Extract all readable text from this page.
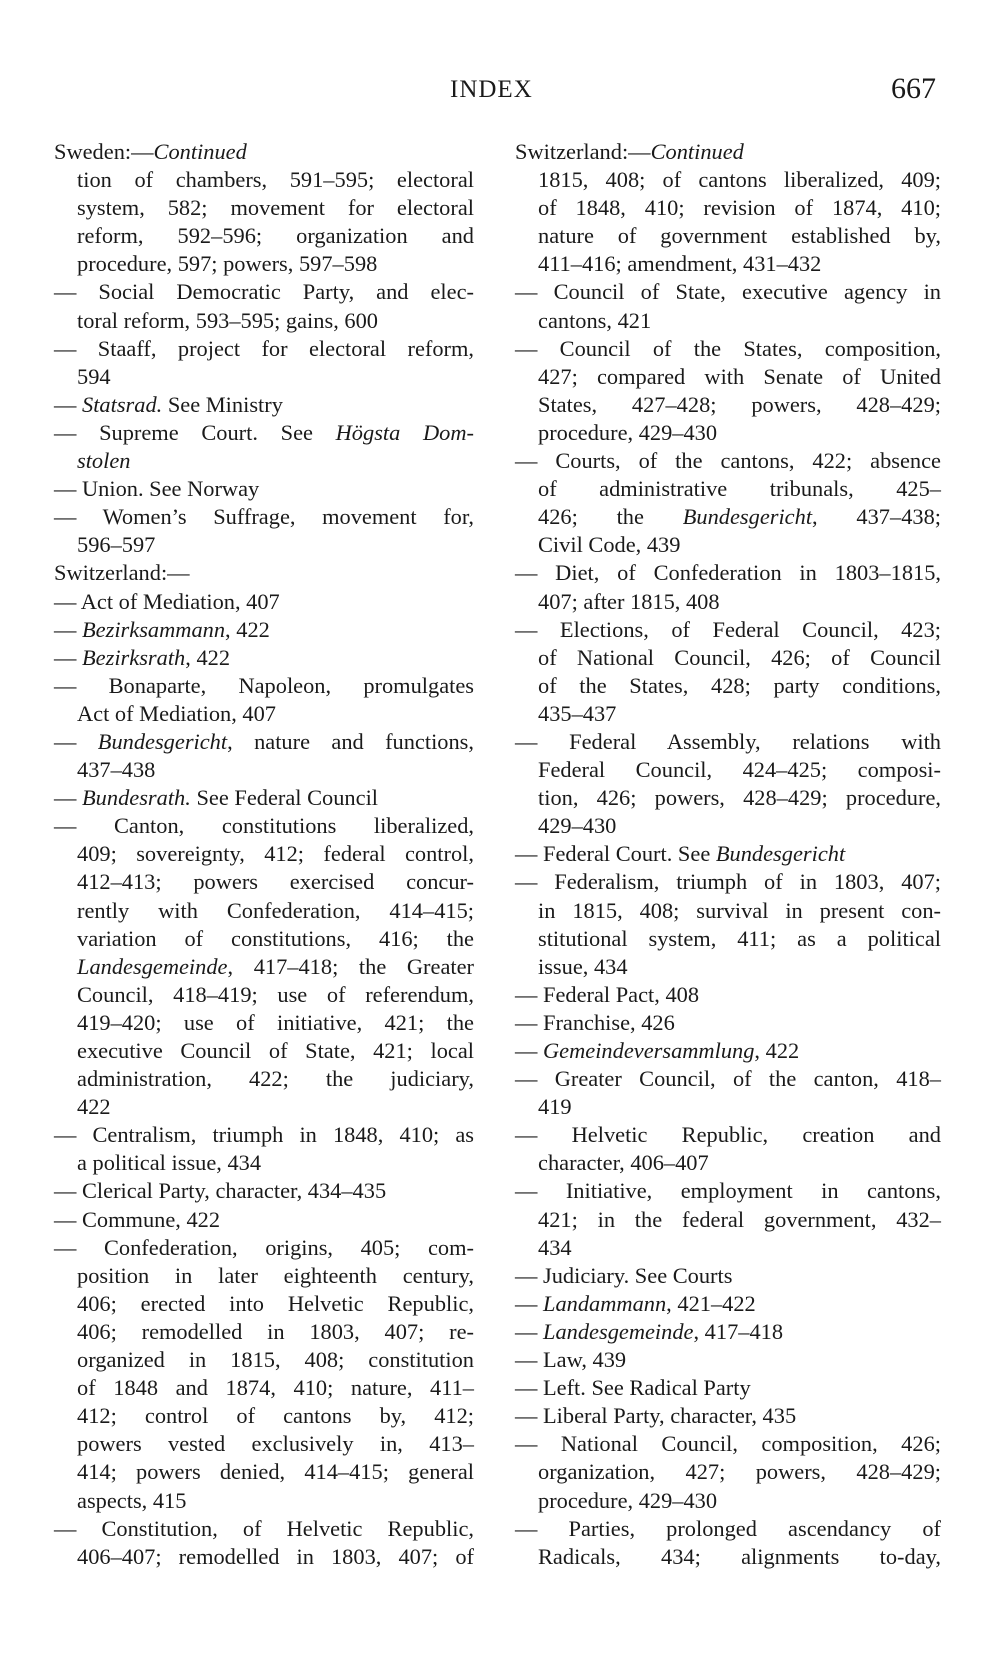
INDEX	667
Sweden:—Continued
tion of chambers, 591–595; electoral
system, 582; movement for electoral
reform, 592–596; organization and
procedure, 597; powers, 597–598
— Social Democratic Party, and elec-
toral reform, 593–595; gains, 600
— Staaff, project for electoral reform,
594
— Statsrad. See Ministry
— Supreme Court. See Högsta Dom-
stolen
— Union. See Norway
— Women’s Suffrage, movement for,
596–597
Switzerland:—
— Act of Mediation, 407
— Bezirksammann, 422
— Bezirksrath, 422
— Bonaparte, Napoleon, promulgates
Act of Mediation, 407
— Bundesgericht, nature and functions,
437–438
— Bundesrath. See Federal Council
— Canton, constitutions liberalized,
409; sovereignty, 412; federal control,
412–413; powers exercised concur-
rently with Confederation, 414–415;
variation of constitutions, 416; the
Landesgemeinde, 417–418; the Greater
Council, 418–419; use of referendum,
419–420; use of initiative, 421; the
executive Council of State, 421; local
administration, 422; the judiciary,
422
— Centralism, triumph in 1848, 410; as
a political issue, 434
— Clerical Party, character, 434–435
— Commune, 422
— Confederation, origins, 405; com-
position in later eighteenth century,
406; erected into Helvetic Republic,
406; remodelled in 1803, 407; re-
organized in 1815, 408; constitution
of 1848 and 1874, 410; nature, 411–
412; control of cantons by, 412;
powers vested exclusively in, 413–
414; powers denied, 414–415; general
aspects, 415
— Constitution, of Helvetic Republic,
406–407; remodelled in 1803, 407; of
Switzerland:—Continued
1815, 408; of cantons liberalized, 409;
of 1848, 410; revision of 1874, 410;
nature of government established by,
411–416; amendment, 431–432
— Council of State, executive agency in
cantons, 421
— Council of the States, composition,
427; compared with Senate of United
States, 427–428; powers, 428–429;
procedure, 429–430
— Courts, of the cantons, 422; absence
of administrative tribunals, 425–
426; the Bundesgericht, 437–438;
Civil Code, 439
— Diet, of Confederation in 1803–1815,
407; after 1815, 408
— Elections, of Federal Council, 423;
of National Council, 426; of Council
of the States, 428; party conditions,
435–437
— Federal Assembly, relations with
Federal Council, 424–425; composi-
tion, 426; powers, 428–429; procedure,
429–430
— Federal Court. See Bundesgericht
— Federalism, triumph of in 1803, 407;
in 1815, 408; survival in present con-
stitutional system, 411; as a political
issue, 434
— Federal Pact, 408
— Franchise, 426
— Gemeindeversammlung, 422
— Greater Council, of the canton, 418–
419
— Helvetic Republic, creation and
character, 406–407
— Initiative, employment in cantons,
421; in the federal government, 432–
434
— Judiciary. See Courts
— Landammann, 421–422
— Landesgemeinde, 417–418
— Law, 439
— Left. See Radical Party
— Liberal Party, character, 435
— National Council, composition, 426;
organization, 427; powers, 428–429;
procedure, 429–430
— Parties, prolonged ascendancy of
Radicals, 434; alignments to-day,
